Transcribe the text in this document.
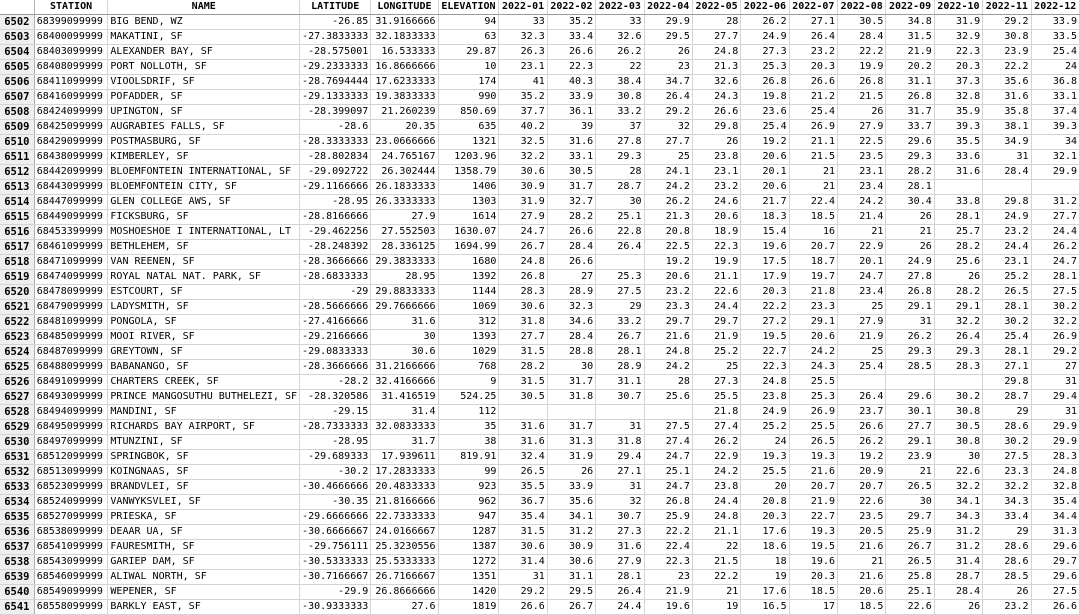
	STATION	NAME	LATITUDE	LONGITUDE	ELEVATION	2022-01	2022-02	2022-03	2022-04	2022-05	2022-06	2022-07	2022-08	2022-09	2022-10	2022-11	2022-12
6502	68399099999	BIG BEND, WZ	-26.85	31.9166666	94	33	35.2	33	29.9	28	26.2	27.1	30.5	34.8	31.9	29.2	33.9
6503	68400099999	MAKATINI, SF	-27.3833333	32.1833333	63	32.3	33.4	32.6	29.5	27.7	24.9	26.4	28.4	31.5	32.9	30.8	33.5
6504	68403099999	ALEXANDER BAY, SF	-28.575001	16.533333	29.87	26.3	26.6	26.2	26	24.8	27.3	23.2	22.2	21.9	22.3	23.9	25.4
6505	68408099999	PORT NOLLOTH, SF	-29.2333333	16.8666666	10	23.1	22.3	22	23	21.3	25.3	20.3	19.9	20.2	20.3	22.2	24
6506	68411099999	VIOOLSDRIF, SF	-28.7694444	17.6233333	174	41	40.3	38.4	34.7	32.6	26.8	26.6	26.8	31.1	37.3	35.6	36.8
6507	68416099999	POFADDER, SF	-29.1333333	19.3833333	990	35.2	33.9	30.8	26.4	24.3	19.8	21.2	21.5	26.8	32.8	31.6	33.1
6508	68424099999	UPINGTON, SF	-28.399097	21.260239	850.69	37.7	36.1	33.2	29.2	26.6	23.6	25.4	26	31.7	35.9	35.8	37.4
6509	68425099999	AUGRABIES FALLS, SF	-28.6	20.35	635	40.2	39	37	32	29.8	25.4	26.9	27.9	33.7	39.3	38.1	39.3
6510	68429099999	POSTMASBURG, SF	-28.3333333	23.0666666	1321	32.5	31.6	27.8	27.7	26	19.2	21.1	22.5	29.6	35.5	34.9	34
6511	68438099999	KIMBERLEY, SF	-28.802834	24.765167	1203.96	32.2	33.1	29.3	25	23.8	20.6	21.5	23.5	29.3	33.6	31	32.1
6512	68442099999	BLOEMFONTEIN INTERNATIONAL, SF	-29.092722	26.302444	1358.79	30.6	30.5	28	24.1	23.1	20.1	21	23.1	28.2	31.6	28.4	29.9
6513	68443099999	BLOEMFONTEIN CITY, SF	-29.1166666	26.1833333	1406	30.9	31.7	28.7	24.2	23.2	20.6	21	23.4	28.1			
6514	68447099999	GLEN COLLEGE AWS, SF	-28.95	26.3333333	1303	31.9	32.7	30	26.2	24.6	21.7	22.4	24.2	30.4	33.8	29.8	31.2
6515	68449099999	FICKSBURG, SF	-28.8166666	27.9	1614	27.9	28.2	25.1	21.3	20.6	18.3	18.5	21.4	26	28.1	24.9	27.7
6516	68453399999	MOSHOESHOE I INTERNATIONAL, LT	-29.462256	27.552503	1630.07	24.7	26.6	22.8	20.8	18.9	15.4	16	21	21	25.7	23.2	24.4
6517	68461099999	BETHLEHEM, SF	-28.248392	28.336125	1694.99	26.7	28.4	26.4	22.5	22.3	19.6	20.7	22.9	26	28.2	24.4	26.2
6518	68471099999	VAN REENEN, SF	-28.3666666	29.3833333	1680	24.8	26.6		19.2	19.9	17.5	18.7	20.1	24.9	25.6	23.1	24.7
6519	68474099999	ROYAL NATAL NAT. PARK, SF	-28.6833333	28.95	1392	26.8	27	25.3	20.6	21.1	17.9	19.7	24.7	27.8	26	25.2	28.1
6520	68478099999	ESTCOURT, SF	-29	29.8833333	1144	28.3	28.9	27.5	23.2	22.6	20.3	21.8	23.4	26.8	28.2	26.5	27.5
6521	68479099999	LADYSMITH, SF	-28.5666666	29.7666666	1069	30.6	32.3	29	23.3	24.4	22.2	23.3	25	29.1	29.1	28.1	30.2
6522	68481099999	PONGOLA, SF	-27.4166666	31.6	312	31.8	34.6	33.2	29.7	29.7	27.2	29.1	27.9	31	32.2	30.2	32.2
6523	68485099999	MOOI RIVER, SF	-29.2166666	30	1393	27.7	28.4	26.7	21.6	21.9	19.5	20.6	21.9	26.2	26.4	25.4	26.9
6524	68487099999	GREYTOWN, SF	-29.0833333	30.6	1029	31.5	28.8	28.1	24.8	25.2	22.7	24.2	25	29.3	29.3	28.1	29.2
6525	68488099999	BABANANGO, SF	-28.3666666	31.2166666	768	28.2	30	28.9	24.2	25	22.3	24.3	25.4	28.5	28.3	27.1	27
6526	68491099999	CHARTERS CREEK, SF	-28.2	32.4166666	9	31.5	31.7	31.1	28	27.3	24.8	25.5				29.8	31
6527	68493099999	PRINCE MANGOSUTHU BUTHELEZI, SF	-28.320586	31.416519	524.25	30.5	31.8	30.7	25.6	25.5	23.8	25.3	26.4	29.6	30.2	28.7	29.4
6528	68494099999	MANDINI, SF	-29.15	31.4	112					21.8	24.9	26.9	23.7	30.1	30.8	29	31
6529	68495099999	RICHARDS BAY AIRPORT, SF	-28.7333333	32.0833333	35	31.6	31.7	31	27.5	27.4	25.2	25.5	26.6	27.7	30.5	28.6	29.9
6530	68497099999	MTUNZINI, SF	-28.95	31.7	38	31.6	31.3	31.8	27.4	26.2	24	26.5	26.2	29.1	30.8	30.2	29.9
6531	68512099999	SPRINGBOK, SF	-29.689333	17.939611	819.91	32.4	31.9	29.4	24.7	22.9	19.3	19.3	19.2	23.9	30	27.5	28.3
6532	68513099999	KOINGNAAS, SF	-30.2	17.2833333	99	26.5	26	27.1	25.1	24.2	25.5	21.6	20.9	21	22.6	23.3	24.8
6533	68523099999	BRANDVLEI, SF	-30.4666666	20.4833333	923	35.5	33.9	31	24.7	23.8	20	20.7	20.7	26.5	32.2	32.2	32.8
6534	68524099999	VANWYKSVLEI, SF	-30.35	21.8166666	962	36.7	35.6	32	26.8	24.4	20.8	21.9	22.6	30	34.1	34.3	35.4
6535	68527099999	PRIESKA, SF	-29.6666666	22.7333333	947	35.4	34.1	30.7	25.9	24.8	20.3	22.7	23.5	29.7	34.3	33.4	34.4
6536	68538099999	DEAAR UA, SF	-30.6666667	24.0166667	1287	31.5	31.2	27.3	22.2	21.1	17.6	19.3	20.5	25.9	31.2	29	31.3
6537	68541099999	FAURESMITH, SF	-29.756111	25.3230556	1387	30.6	30.9	31.6	22.4	22	18.6	19.5	21.6	26.7	31.2	28.6	29.6
6538	68543099999	GARIEP DAM, SF	-30.5333333	25.5333333	1272	31.4	30.6	27.9	22.3	21.5	18	19.6	21	26.5	31.4	28.6	29.7
6539	68546099999	ALIWAL NORTH, SF	-30.7166667	26.7166667	1351	31	31.1	28.1	23	22.2	19	20.3	21.6	25.8	28.7	28.5	29.6
6540	68549099999	WEPENER, SF	-29.9	26.8666666	1420	29.2	29.5	26.4	21.9	21	17.6	18.5	20.6	25.1	28.4	26	27.5
6541	68558099999	BARKLY EAST, SF	-30.9333333	27.6	1819	26.6	26.7	24.4	19.6	19	16.5	17	18.5	22.6	26	23.2	26.6
